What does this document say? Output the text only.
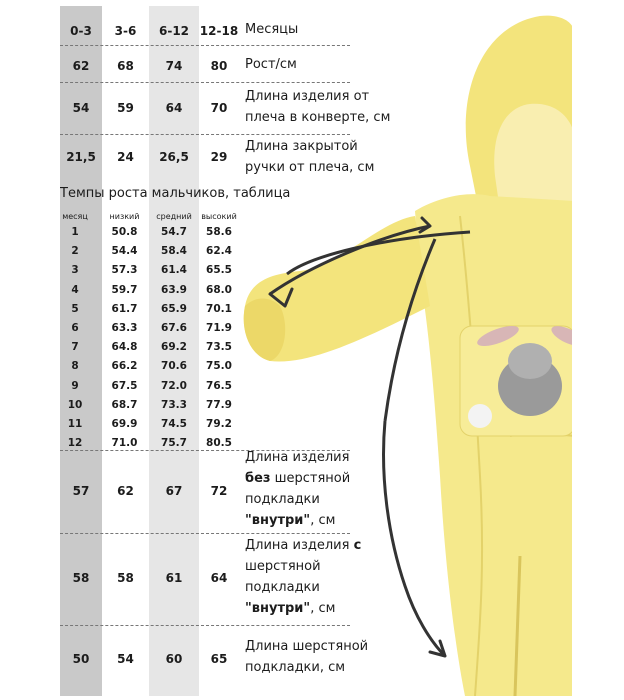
0-3	3-6	6-12 12-18 Месяцы
62	68	74	80	Рост/см
54	59	64	70
Длина изделия от
плеча в конверте, см
21,5	24	26,5	29
Длина закрытой
ручки от плеча, см
Темпы роста мальчиков, таблица
месяц	низкий	средний	высокий
1	50.8	54.7	58.6
2	54.4	58.4	62.4
3	57.3	61.4	65.5
4	59.7	63.9	68.0
5	61.7	65.9	70.1
6	63.3	67.6	71.9
7	64.8	69.2	73.5
8	66.2	70.6	75.0
9	67.5	72.0	76.5
10	68.7	73.3	77.9
11	69.9	74.5	79.2
12	71.0	75.7	80.5
57	62	67	72
Длина изделия
без шерстяной
подкладки
"внутри", см
58	58	61	64
Длина изделия с
шерстяной
подкладки
"внутри", см
50	54	60	65
Длина шерстяной
подкладки, см
